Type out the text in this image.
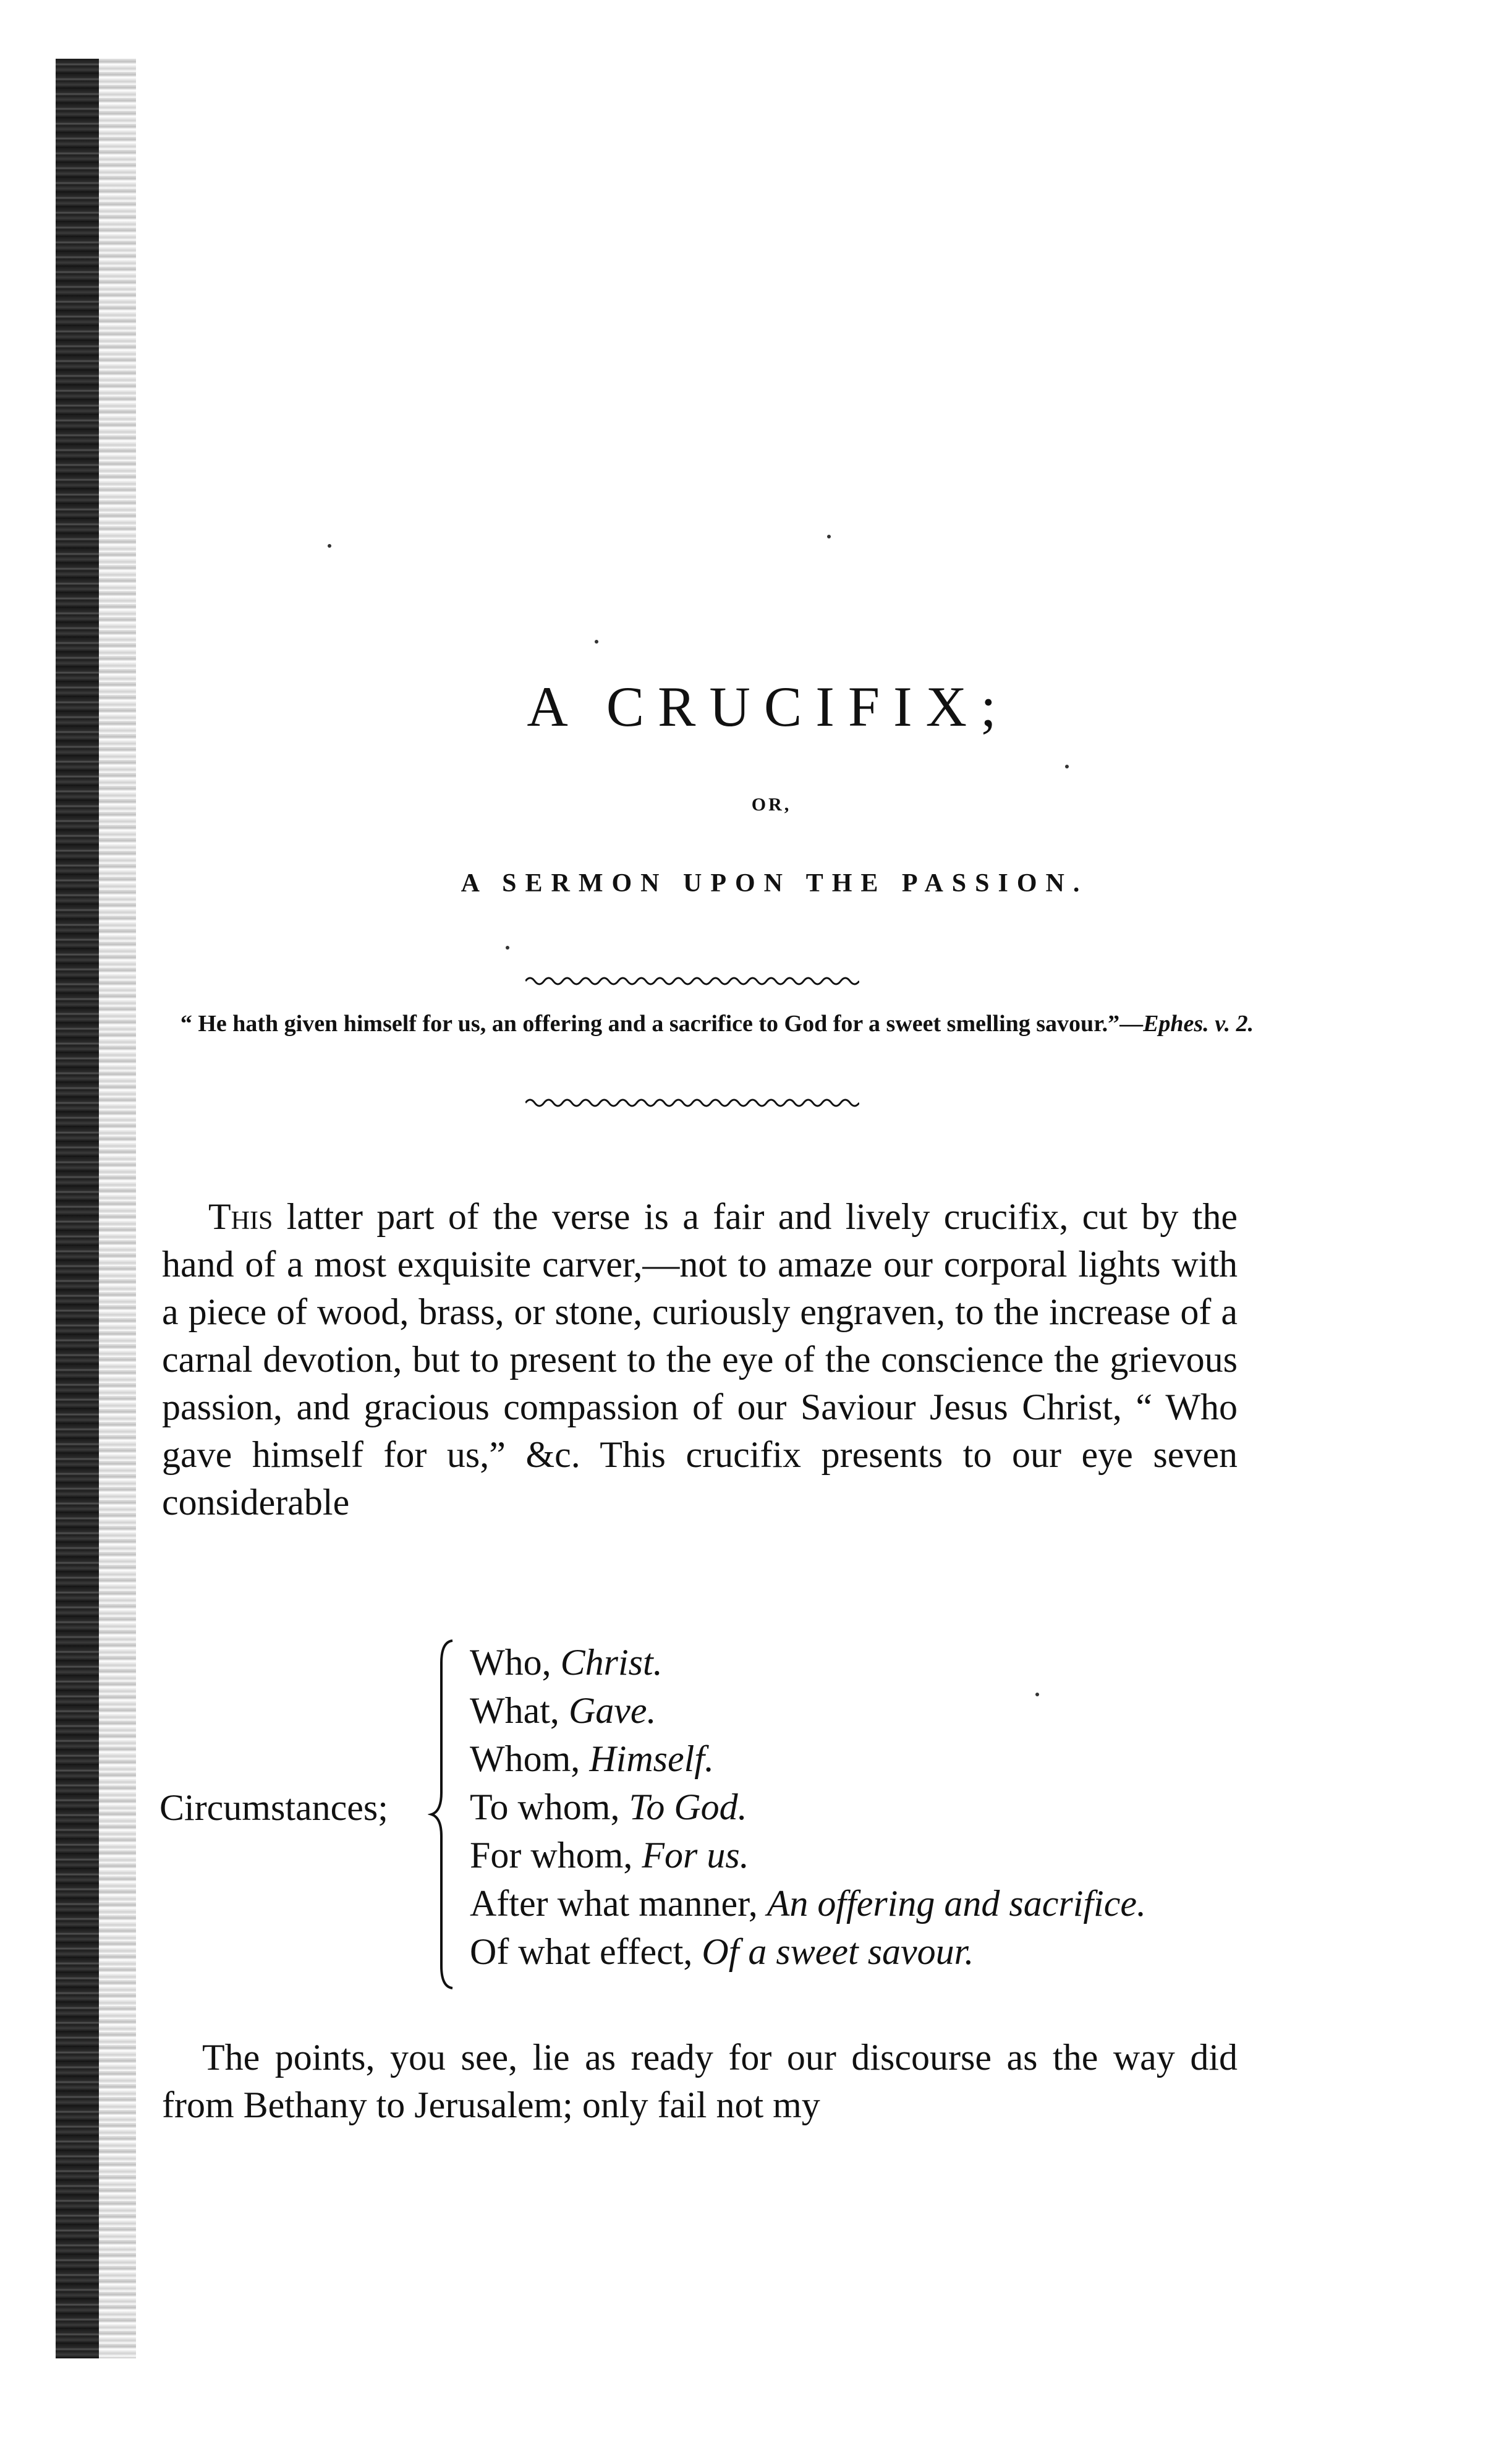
A CRUCIFIX;
OR,
A SERMON UPON THE PASSION.
“ He hath given himself for us, an offering and a sacrifice to God for a sweet smelling savour.”—Ephes. v. 2.
This latter part of the verse is a fair and lively crucifix, cut by the hand of a most exquisite carver,—not to amaze our corporal lights with a piece of wood, brass, or stone, curiously engraven, to the increase of a carnal devotion, but to present to the eye of the conscience the grievous passion, and gracious compassion of our Saviour Jesus Christ, “ Who gave himself for us,” &c. This crucifix presents to our eye seven considerable
Circumstances;
Who, Christ.
What, Gave.
Whom, Himself.
To whom, To God.
For whom, For us.
After what manner, An offering and sacrifice.
Of what effect, Of a sweet savour.
The points, you see, lie as ready for our discourse as the way did from Bethany to Jerusalem; only fail not my
